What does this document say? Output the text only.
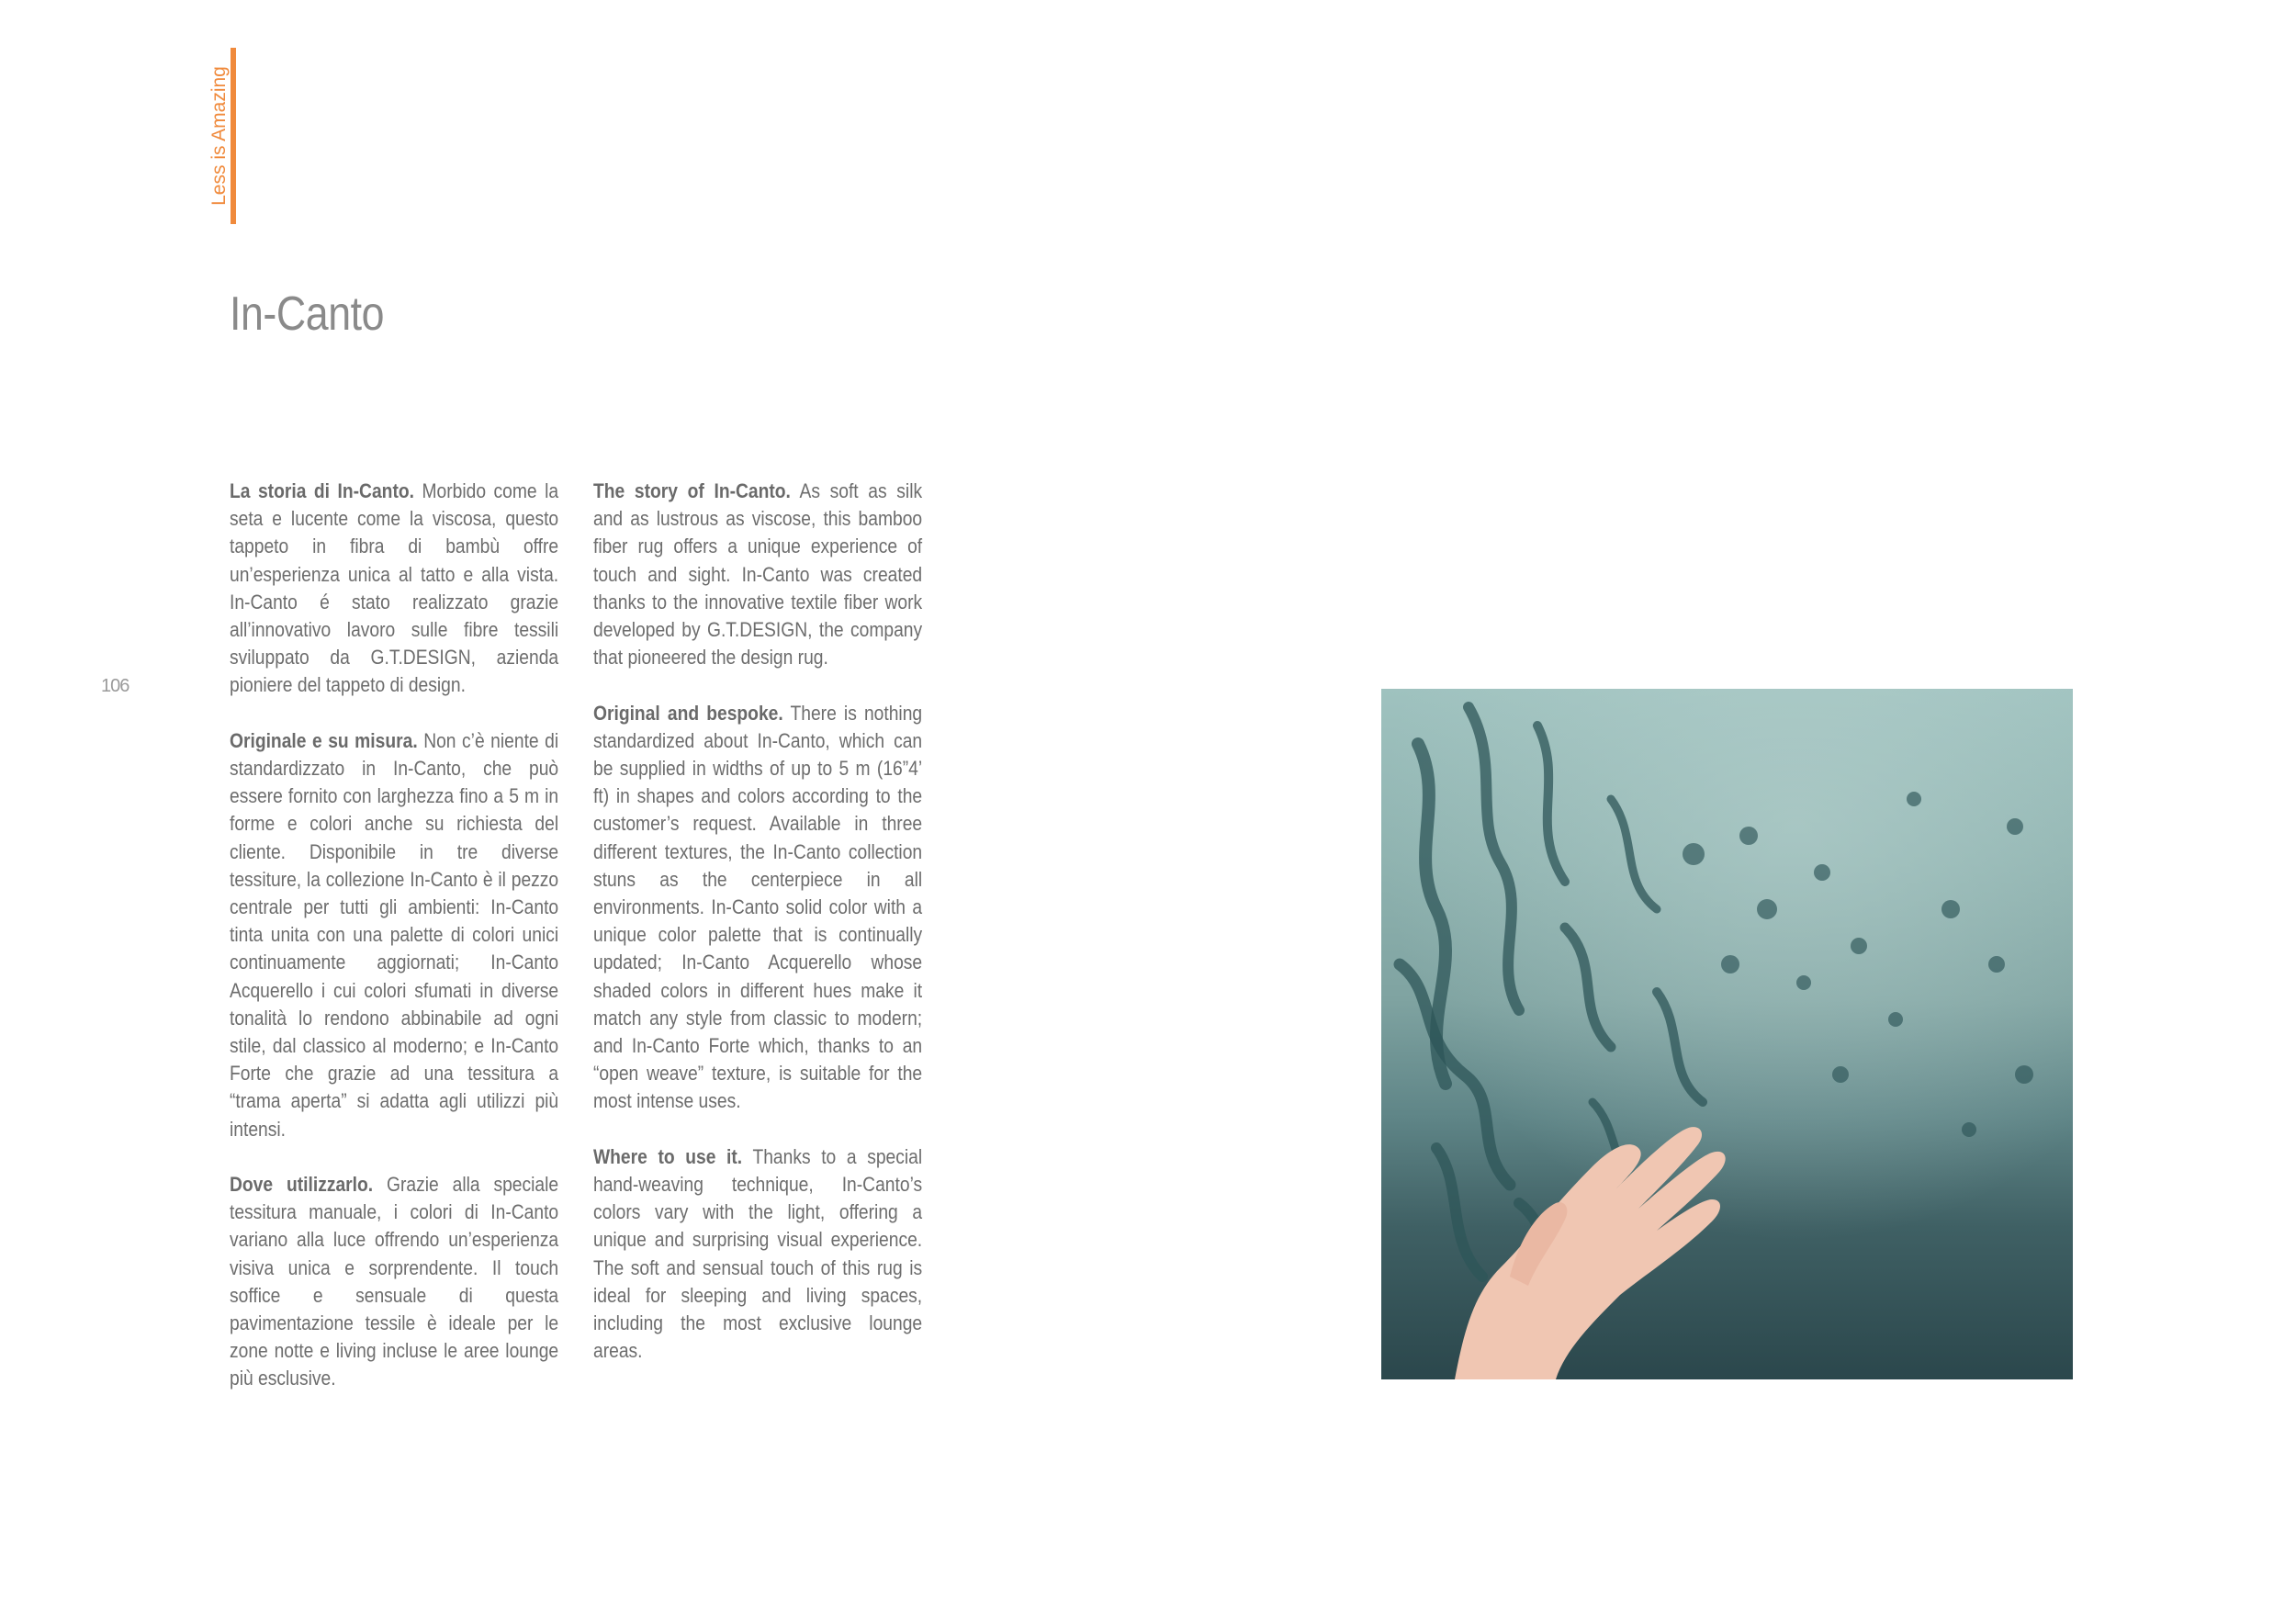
Less is Amazing
In-Canto
106

La storia di In-Canto. Morbido come la seta e lucente come la viscosa, questo tappeto in fibra di bambù offre un’esperienza unica al tatto e alla vista. In-Canto é stato realizzato grazie all’innovativo lavoro sulle fibre tessili sviluppato da G.T.DESIGN, azienda pioniere del tappeto di design.

Originale e su misura. Non c’è niente di standardizzato in In-Canto, che può essere fornito con larghezza fino a 5 m in forme e colori anche su richiesta del cliente. Disponibile in tre diverse tessiture, la collezione In-Canto è il pezzo centrale per tutti gli ambienti: In-Canto tinta unita con una palette di colori unici continuamente aggiornati; In-Canto Acquerello i cui colori sfumati in diverse tonalità lo rendono abbinabile ad ogni stile, dal classico al moderno; e In-Canto Forte che grazie ad una tessitura a “trama aperta” si adatta agli utilizzi più intensi.

Dove utilizzarlo. Grazie alla speciale tessitura manuale, i colori di In-Canto variano alla luce offrendo un’esperienza visiva unica e sorprendente. Il touch soffice e sensuale di questa pavimentazione tessile è ideale per le zone notte e living incluse le aree lounge più esclusive.

The story of In-Canto. As soft as silk and as lustrous as viscose, this bamboo fiber rug offers a unique experience of touch and sight. In-Canto was created thanks to the innovative textile fiber work developed by G.T.DESIGN, the company that pioneered the design rug.

Original and bespoke. There is nothing standardized about In-Canto, which can be supplied in widths of up to 5 m (16”4’ ft) in shapes and colors according to the customer’s request. Available in three different textures, the In-Canto collection stuns as the centerpiece in all environments. In-Canto solid color with a unique color palette that is continually updated; In-Canto Acquerello whose shaded colors in different hues make it match any style from classic to modern; and In-Canto Forte which, thanks to an “open weave” texture, is suitable for the most intense uses.

Where to use it. Thanks to a special hand-weaving technique, In-Canto’s colors vary with the light, offering a unique and surprising visual experience. The soft and sensual touch of this rug is ideal for sleeping and living spaces, including the most exclusive lounge areas.
